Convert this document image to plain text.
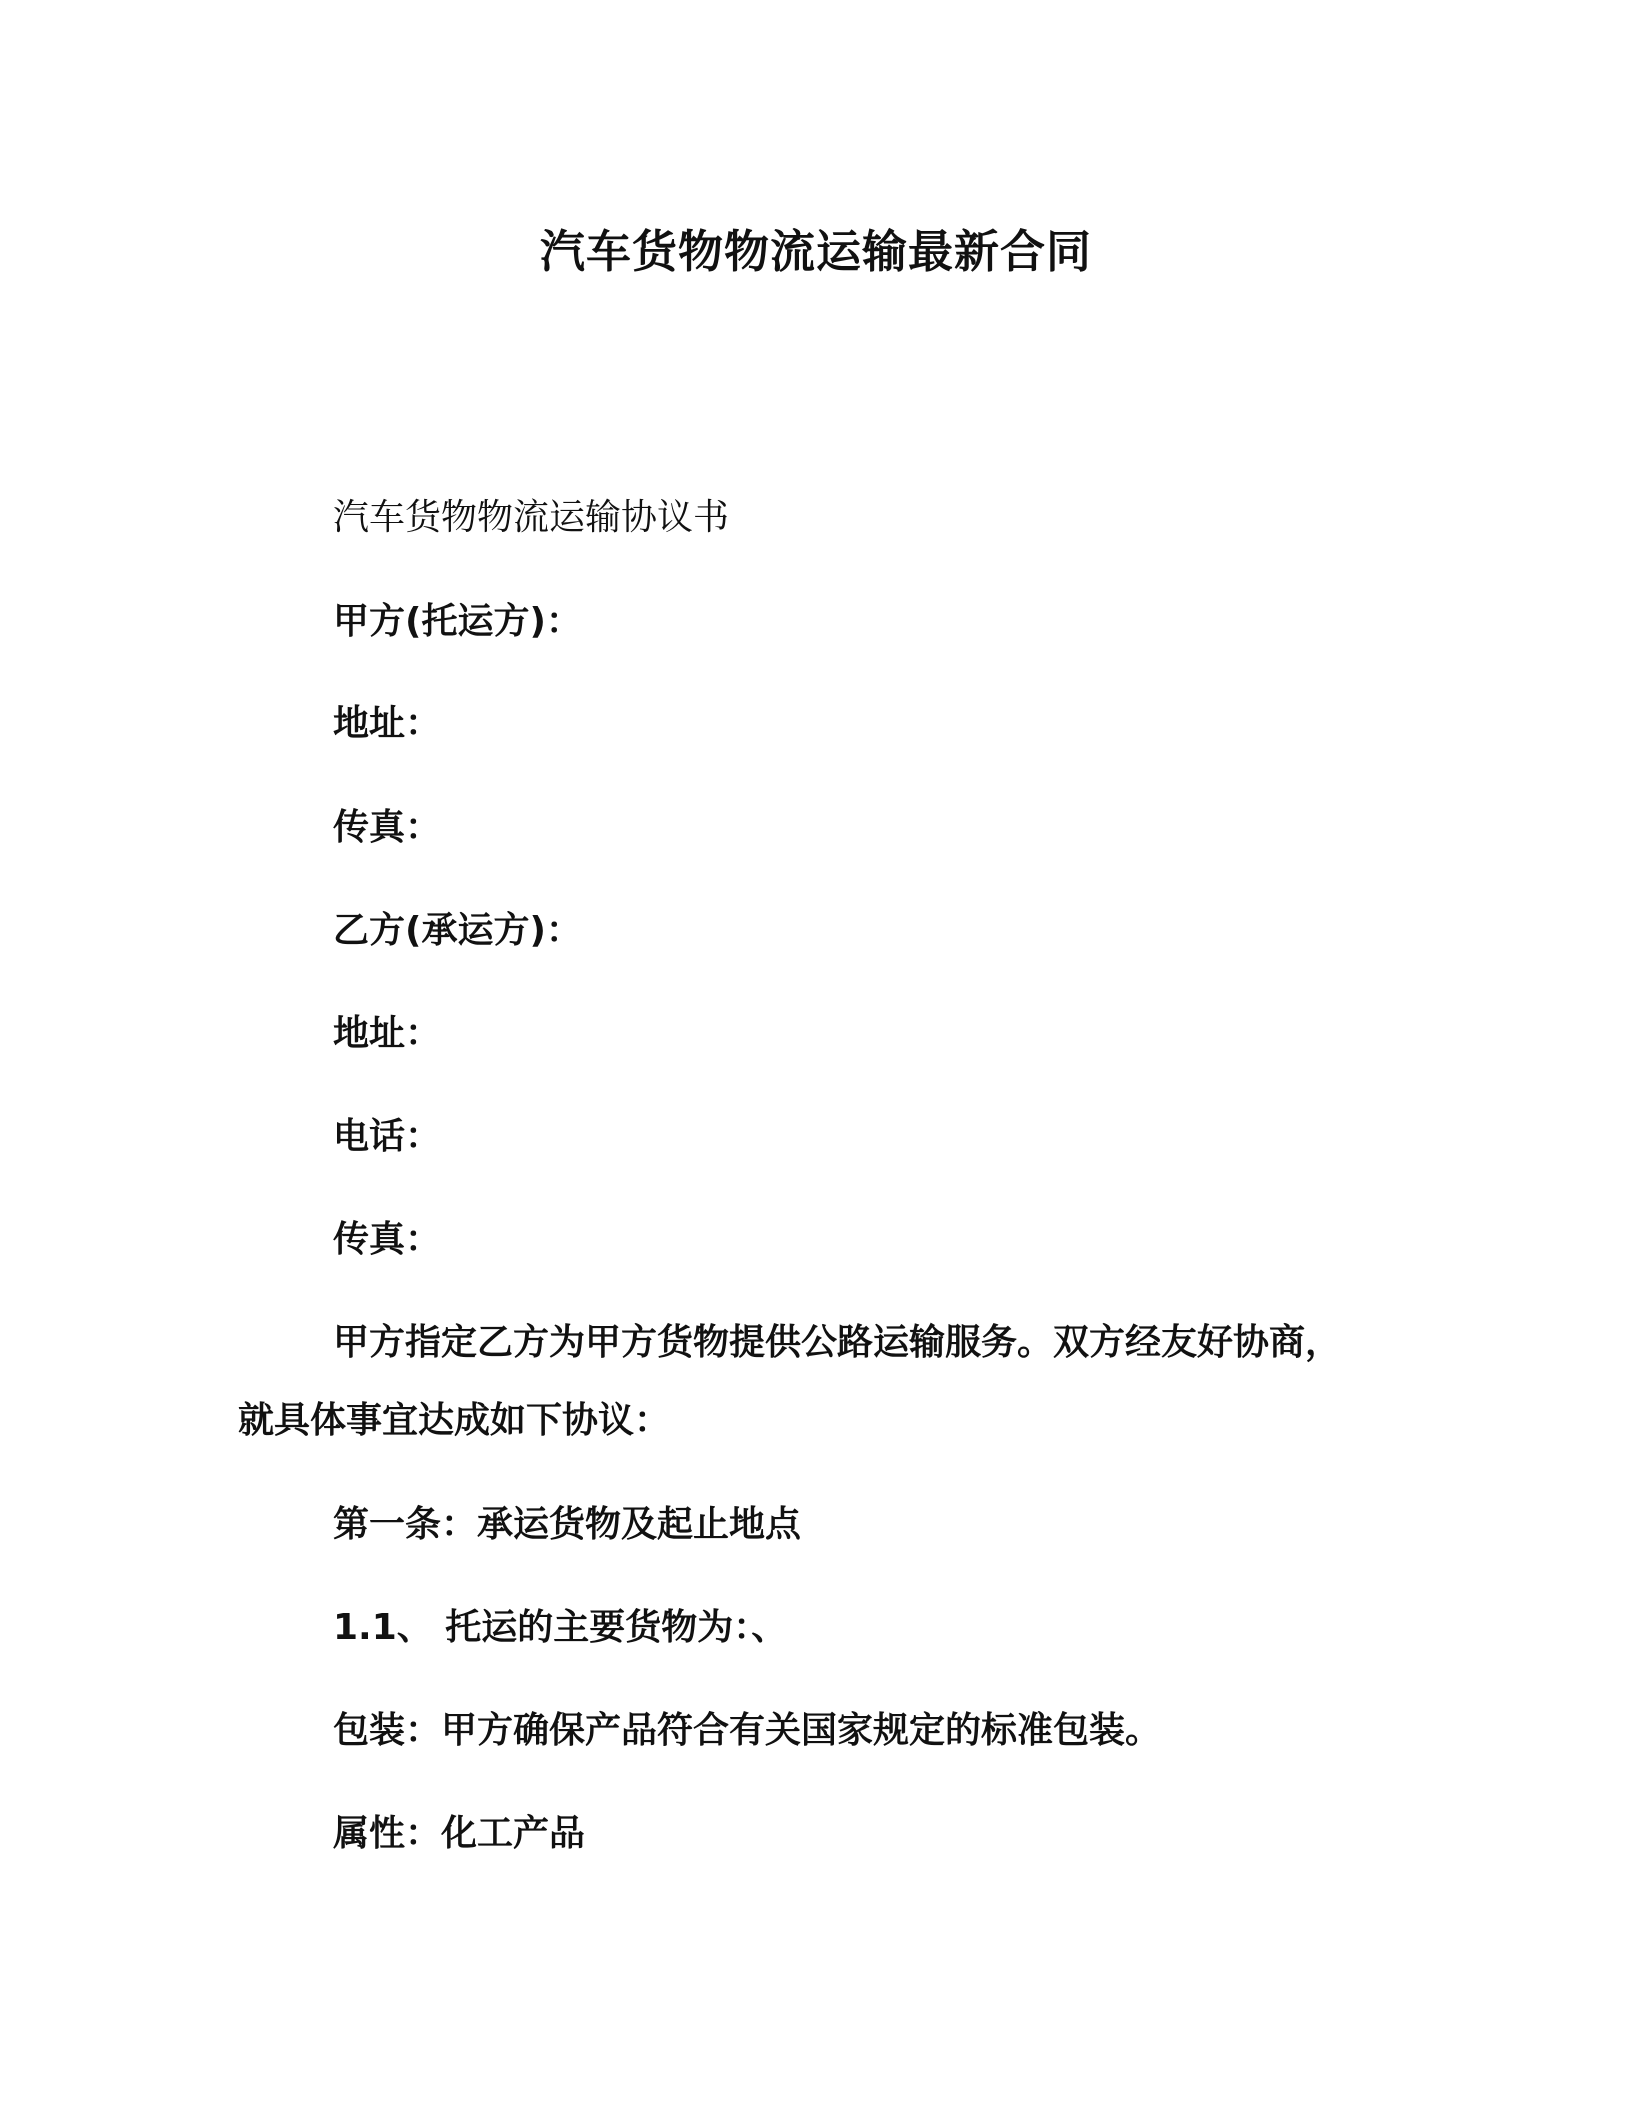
汽车货物物流运输最新合同

汽车货物物流运输协议书

甲方(托运方)：

地址：

传真：

乙方(承运方)：

地址：

电话：

传真：

甲方指定乙方为甲方货物提供公路运输服务。双方经友好协商，

就具体事宜达成如下协议：

第一条：承运货物及起止地点

1.1、 托运的主要货物为：、

包装：甲方确保产品符合有关国家规定的标准包装。

属性：化工产品
